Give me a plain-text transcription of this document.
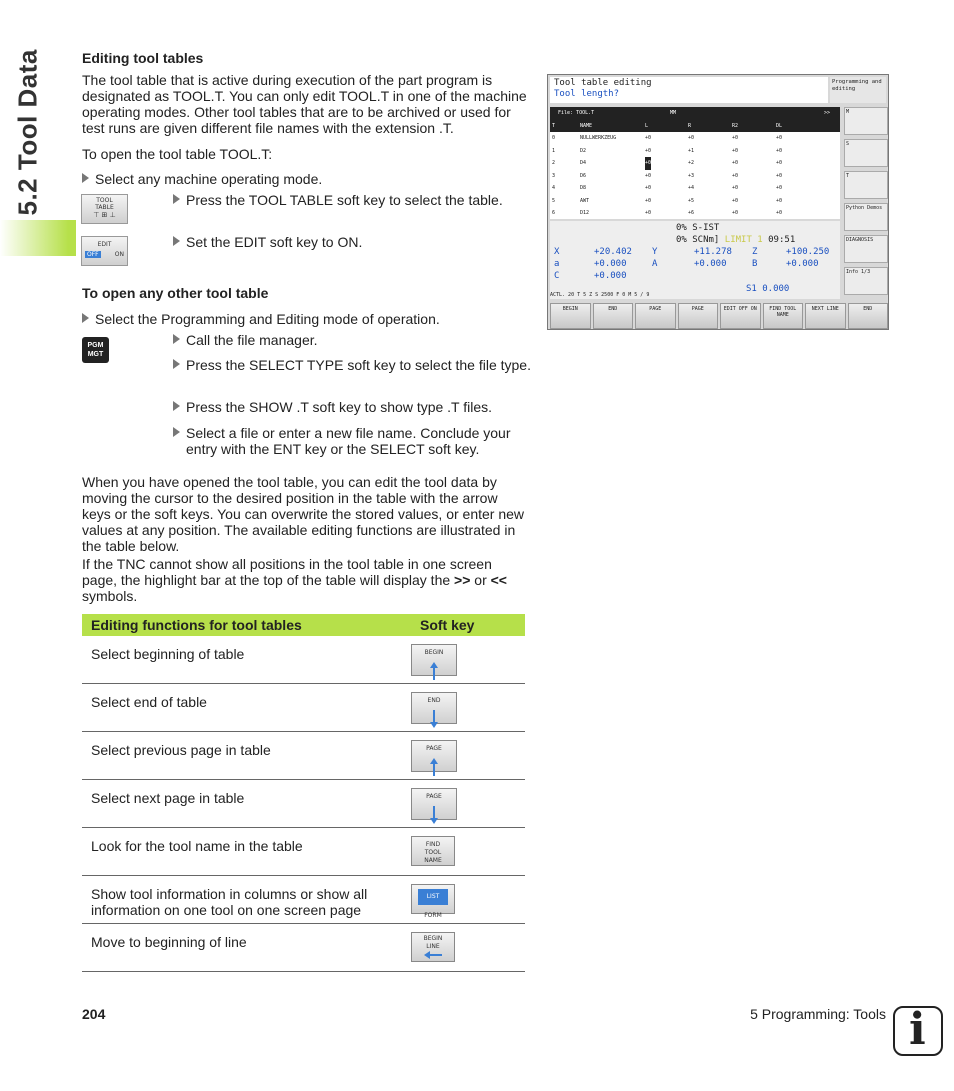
5.2 Tool Data	Editing tool tables

The tool table that is active during execution of the part program is designated as TOOL.T. You can only edit TOOL.T in one of the machine operating modes. Other tool tables that are to be archived or used for test runs are given different file names with the extension .T.

To open the tool table TOOL.T:

Select any machine operating mode.
TOOL
TABLE
⊤ ⊞ ⊥
Press the TOOL TABLE soft key to select the table.
EDIT
OFF	ON
Set the EDIT soft key to ON.
To open any other tool table
Select the Programming and Editing mode of operation.
PGM
MGT
Call the file manager.
Press the SELECT TYPE soft key to select the file type.
Press the SHOW .T soft key to show type .T files.
Select a file or enter a new file name. Conclude your entry with the ENT key or the SELECT soft key.

When you have opened the tool table, you can edit the tool data by moving the cursor to the desired position in the table with the arrow keys or the soft keys. You can overwrite the stored values, or enter new values at any position. The available editing functions are illustrated in the table below.

If the TNC cannot show all positions in the tool table in one screen page, the highlight bar at the top of the table will display the >> or << symbols.

Editing functions for tool tables	Soft key
Select beginning of table	BEGIN

Select end of table	END

Select previous page in table	PAGE

Select next page in table	PAGE

Look for the tool name in the table	FIND
TOOL
NAME

Show tool information in columns or show all information on one tool on one screen page	LIST
FORM

Move to beginning of line	BEGIN
LINE
Tool table editing
Tool length?
Programming and editing
File: TOOL.T	MM	>>
T	NAME	L	R	R2	DL
0	NULLWERKZEUG	+0	+0	+0	+0
1	D2	+0	+1	+0	+0
2	D4	+0	+2	+0	+0
3	D6	+0	+3	+0	+0
4	D8	+0	+4	+0	+0
5	AWT	+0	+5	+0	+0
6	D12	+0	+6	+0	+0
0% S-IST
0% SCNm] LIMIT 1 09:51
X	+20.402 Y	+11.278 Z	+100.250
a	+0.000	A	+0.000	B	+0.000
C	+0.000
S1 0.000
ACTL. 20 T 5 Z S 2500 F 0 M 5 / 9
M
S
T
Python Demos
DIAGNOSIS
Info 1/3
BEGIN	END	PAGE	PAGE	EDIT OFF ON	FIND TOOL NAME
NEXT LINE	END
204	5 Programming: Tools i
